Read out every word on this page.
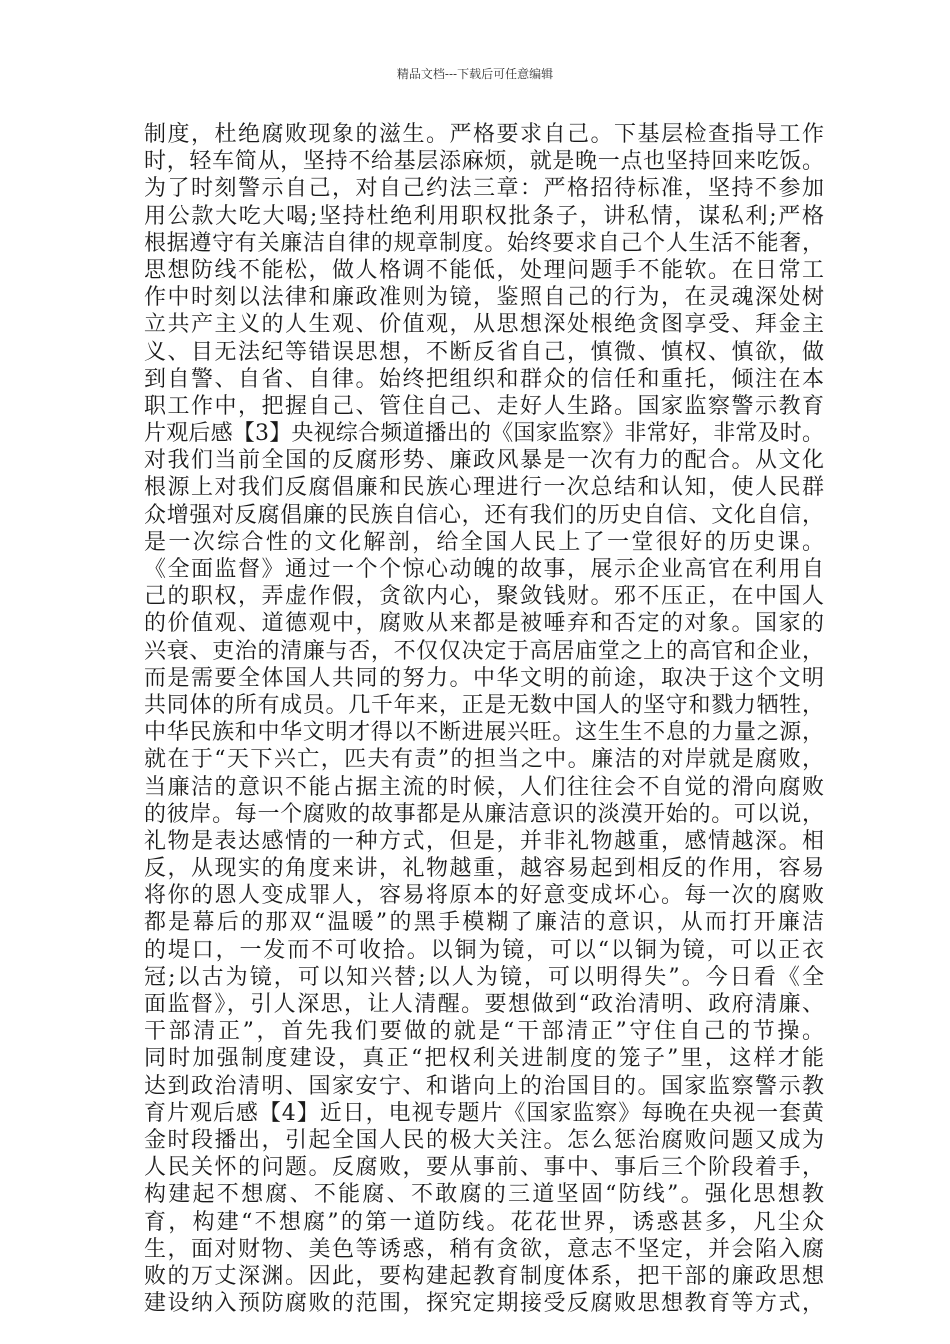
精品文档---下载后可任意编辑
制度，杜绝腐败现象的滋生。严格要求自己。下基层检查指导工作
时，轻车简从，坚持不给基层添麻烦，就是晚一点也坚持回来吃饭。
为了时刻警示自己，对自己约法三章：严格招待标准，坚持不参加
用公款大吃大喝;坚持杜绝利用职权批条子，讲私情，谋私利;严格
根据遵守有关廉洁自律的规章制度。始终要求自己个人生活不能奢，
思想防线不能松，做人格调不能低，处理问题手不能软。在日常工
作中时刻以法律和廉政准则为镜，鉴照自己的行为，在灵魂深处树
立共产主义的人生观、价值观，从思想深处根绝贪图享受、拜金主
义、目无法纪等错误思想，不断反省自己，慎微、慎权、慎欲，做
到自警、自省、自律。始终把组织和群众的信任和重托，倾注在本
职工作中，把握自己、管住自己、走好人生路。国家监察警示教育
片观后感【3】央视综合频道播出的《国家监察》非常好，非常及时。
对我们当前全国的反腐形势、廉政风暴是一次有力的配合。从文化
根源上对我们反腐倡廉和民族心理进行一次总结和认知，使人民群
众增强对反腐倡廉的民族自信心，还有我们的历史自信、文化自信，
是一次综合性的文化解剖，给全国人民上了一堂很好的历史课。
《全面监督》通过一个个惊心动魄的故事，展示企业高官在利用自
己的职权，弄虚作假，贪欲内心，聚敛钱财。邪不压正，在中国人
的价值观、道德观中，腐败从来都是被唾弃和否定的对象。国家的
兴衰、吏治的清廉与否，不仅仅决定于高居庙堂之上的高官和企业，
而是需要全体国人共同的努力。中华文明的前途，取决于这个文明
共同体的所有成员。几千年来，正是无数中国人的坚守和戮力牺牲，
中华民族和中华文明才得以不断进展兴旺。这生生不息的力量之源，
就在于“天下兴亡，匹夫有责”的担当之中。廉洁的对岸就是腐败，
当廉洁的意识不能占据主流的时候，人们往往会不自觉的滑向腐败
的彼岸。每一个腐败的故事都是从廉洁意识的淡漠开始的。可以说，
礼物是表达感情的一种方式，但是，并非礼物越重，感情越深。相
反，从现实的角度来讲，礼物越重，越容易起到相反的作用，容易
将你的恩人变成罪人，容易将原本的好意变成坏心。每一次的腐败
都是幕后的那双“温暖”的黑手模糊了廉洁的意识，从而打开廉洁
的堤口，一发而不可收拾。以铜为镜，可以“以铜为镜，可以正衣
冠;以古为镜，可以知兴替;以人为镜，可以明得失”。今日看《全
面监督》，引人深思，让人清醒。要想做到“政治清明、政府清廉、
干部清正”，首先我们要做的就是“干部清正”守住自己的节操。
同时加强制度建设，真正“把权利关进制度的笼子”里，这样才能
达到政治清明、国家安宁、和谐向上的治国目的。国家监察警示教
育片观后感【4】近日，电视专题片《国家监察》每晚在央视一套黄
金时段播出，引起全国人民的极大关注。怎么惩治腐败问题又成为
人民关怀的问题。反腐败，要从事前、事中、事后三个阶段着手，
构建起不想腐、不能腐、不敢腐的三道坚固“防线”。强化思想教
育，构建“不想腐”的第一道防线。花花世界，诱惑甚多，凡尘众
生，面对财物、美色等诱惑，稍有贪欲，意志不坚定，并会陷入腐
败的万丈深渊。因此，要构建起教育制度体系，把干部的廉政思想
建设纳入预防腐败的范围，探究定期接受反腐败思想教育等方式，
